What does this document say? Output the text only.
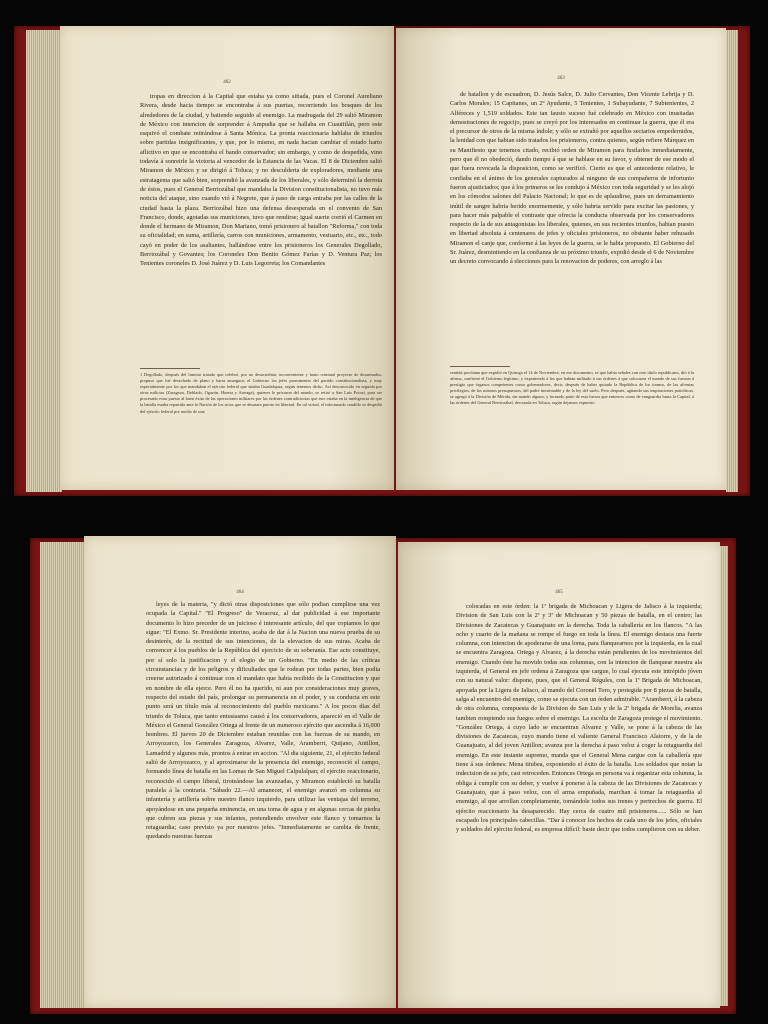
462
tropas en direccion á la Capital que estaba ya como sitiada, pues el Coronel Aureliano Rivera, desde hacia tiempo se encontraba á sus puertas, recorriendo los bosques de los alrededores de la ciudad, y batiendo seguido al enemigo. La madrugada del 29 salió Miramon de México con intencion de sorprender á Ampudia que se hallaba en Cuautitlán, pero este esquivó el combate retirándose á Santa Mónica. La pronta reaccionaria hablaba de triunfos sobre partidas insignificantes, y que, por lo mismo, en nada hacian cambiar el estado harto aflictivo en que se encontraba el bando conservador; sin embargo, y como de despedida, vino todavía á sonreirle la victoria al vencedor de la Estancia de las Vacas. El 8 de Diciembre salió Miramon de México y se dirigió á Toluca; y no desculderta de exploradores, mediante una estratagema que salió bien, sorprendió la avanzada de los liberales, y sólo determinó la derrota de éstos, pues el General Berriozábal que mandaba la Division constitucionalista, no tuvo más noticia del ataque, sino cuando vió á Negrete, que á paso de carga entraba por las calles de la ciudad hasta la plaza. Berriozábal hizo una defensa desesperada en el convento de San Francisco, donde, agotadas sus municiones, tuvo que rendirse; igual suerte corrió el Carmen en donde el hermano de Miramon, Don Mariano, tomó prisionero al batallon "Reforma," con toda su oficialidad; en suma, artillería, carros con municiones, armamento, vestuario, etc., etc., todo cayó en poder de los asaltantes, hallándose entre los prisioneros los Generales Degollado, Berriozábal y Govantes; los Coroneles Don Benito Gómez Farías y D. Ventura Paz; los Tenientes coroneles D. José Juárez y D. Luis Legorreta; los Comandantes
1 Degollado, después del funesto tratado que celebró, por no desacreditar, inconveniente y harto criminal proyecto de desarmados, propuso que fué desechado de plano y harta amargura; el Gobierno los jefes prominentes del partido constitucionalista, y muy especialmente por los que mandaban el ejército federal que sitiaba Guadalajara, según tenemos dicho. Así desconocido en seguida por otras milicias (Zaragoza, Doblado, Ogazón, Huerta y Arteaga), quienes le privaron del mando, se retiró a San Luis Potosí, para ser procesado estar puesto al buen éxito de las operaciones militares por las órdenes contradictorias que este estaba en la inteligencia de que la batalla estaba repartida ante la Nación de los actos que se desatara puesto en libertad. En tal virtud, el infortunado caudillo se despidió del ejército federal por medio de una
463
de batallon y de escuadron, D. Jesús Salce, D. Julio Cervantes, Don Vicente Lebrija y D. Carlos Morales; 15 Capitanes, un 2º Ayudante, 5 Tenientes, 1 Subayudante, 7 Subtenientes, 2 Alféreces y 1,519 soldados. Este tan fausto suceso fué celebrado en México con inusitadas demostraciones de regocijo, pues se creyó por los interesados en continuar la guerra, que él era el precursor de otros de la misma índole; y sólo se extrañó por aquellos sectarios empedernidos, la lenidad con que habian sido tratados los prisioneros, contra quienes, según refiere Márquez en su Manifiesto que tenemos citado, recibió orden de Miramon para fusilarlos inmediatamente, pero que él no obedeció, dando tiempo á que se hablase en su favor, y obtener de ese modo el que fuera revocada la disposicion, como se verificó. Cierto es que el antecedente relativo, le confiaba en el ánimo de los generales capturados al ninguno de sus compañeros de infortunio fueron ajusticiados; que á los primeros se les condujo á México con toda seguridad y se les alojó en los cómodos salones del Palacio Nacional; lo que es de aplaudirse, pues un derramamiento inútil de sangre habria herido enormemente, y sólo habria servido para excitar las pasiones, y para hacer más palpable el contraste que ofrecia la conducta observada por los conservadores respecto de la de sus antagonistas los liberales, quienes, en sus recientes triunfos, habian puesto en libertad absoluta á centenares de jefes y oficiales prisioneros, no obstante haber rehusado Miramon el canje que, conforme á las leyes de la guerra, se le habia propuesto. El Gobierno del Sr. Juárez, desmintiendo en la confianza de su próximo triunfo, expidió desde el 6 de Noviembre un decreto convocando á elecciones para la renovacion de poderes, con arreglo á las
sentida proclama que expidió en Quiroga el 14 de Noviembre, en ese documento, se que había señales con otro título republicano, dió á la afirma, confirmó el Gobierno legítimo, y exponiendo á los que habían militado á sus órdenes á que colocasen el mando de sus fuerzas á prestigio que órganos competentes como gobernadores, decir, después de haber quitado la República de los tiranos, de las afrentas privilegios, de los mismos presupuestos, del padre inestimable y de la ley del suelo. Pero después, agitando sus inspiraciones patrióticas, se agregó á la División de Mérida, sin mando alguno, y formado parte de esta fuerza que entonces como de vanguardia hasta la Capital, á las órdenes del General Berriozábal, derrotada en Toluca, según dejamos expuesto.
464
leyes de la materia, "y dictó otras disposiciones que sólo podian cumplirse una vez ocupada la Capital." "El Progreso" de Veracruz, al dar publicidad á ese importante documento lo hizo preceder de un juicioso é interesante artículo, del que copiamos lo que sigue: "El Exmo. Sr. Presidente interino, acaba de dar á la Nacion una nueva prueba de su desinterés, de la rectitud de sus intenciones, de la elevacion de sus miras. Acaba de convencer á los pueblos de la República del ejercicio de su soberanía. Ese acto constituye, por sí solo la justificacion y el elogio de un Gobierno. "En medio de las críticas circunstancias y de los peligros y dificultades que le rodean por todas partes, bien podia creerse autorizado á continuar con el mandato que habia recibido de la Constitucion y que en nombre de ella ejerce. Pero él no ha querido, ni aun por consideraciones muy graves, respecto del estado del país, prolongar su permanencia en el poder, y su conducta en este punto será un título más al reconocimiento del pueblo mexicano." A los pocos dias del triunfo de Toluca, que tanto entusiasmo causó á los conservadores, apareció en el Valle de México el General González Ortega al frente de un numeroso ejército que ascendia á 16,000 hombres. El jueves 20 de Diciembre estaban reunidas con las fuerzas de su mando, en Arroyozarco, los Generales Zaragoza, Alvarez, Valle, Aramberri, Quijano, Antillon, Lamadrid y algunos más, prontos á entrar en accion. "Al dia siguiente, 21, el ejército federal salió de Arroyozarco, y al aproximarse de la presencia del enemigo, reconoció el campo, formando línea de batalla en las Lomas de San Miguel Calpulalpan; el ejército reaccionario, reconocido el campo liberal, tiroteándose las avanzadas, y Miramon estableció su batalla paralela á la contraria. "Sábado 22.—Al amanecer, el enemigo avanzó en columna su infantería y artillería sobre nuestro flanco izquierdo, para utilizar las ventajas del terreno, apoyándose en una pequeña eminencia, en una toma de agua y en algunas cercas de piedra que cubren sus piezas y sus infantes, pretendiendo envolver este flanco y tomarnos la retaguardia; caso previsto ya por nuestros jefes. "Inmediatamente se cambia de frente, quedando nuestras fuerzas
465
colocadas en este órden: la 1ª brigada de Michoacan y Ligera de Jalisco á la izquierda; Division de San Luis con la 2ª y 3ª de Michoacan y 50 piezas de batalla, en el centro; las Divisiones de Zacatecas y Guanajuato en la derecha. Toda la caballería en los flancos. "A las ocho y cuarto de la mañana se rompe el fuego en toda la línea. El enemigo destaca una fuerte columna, con intencion de apoderarse de una loma, para flanquearnos por la izquierda, en la cual se encuentra Zaragoza. Ortega y Alvarez, á la derecha están pendientes de los movimientos del enemigo. Cuando éste ha movido todas sus columnas, con la intencion de flanquear nuestra ala izquierda, el General en jefe ordena á Zaragoza que cargue, lo cual ejecuta este intrépido jóven con su natural valor: dispone, pues, que el General Régules, con la 1ª Brigada de Michoacan, apoyada por la Ligera de Jalisco, al mando del Coronel Toro, y protegida por 8 piezas de batalla, salga al encuentro del enemigo, como se ejecuta con un órden admirable. "Aramberri, á la cabeza de otra columna, compuesta de la Division de San Luis y de la 2ª brigada de Morelia, avanza tambien rompiendo sus fuegos sobre el enemigo. La escolta de Zaragoza protege el movimiento. "González Ortega, á cuyo lado se encuentran Alvarez y Valle, se pone á la cabeza de las divisiones de Zacatecas, cuyo mando tiene el valiente General Francisco Alatorre, y de la de Guanajuato, al del joven Antillon; avanza por la derecha á paso veloz á coger la retaguardia del enemigo. En este instante supremo, manda que el General Mena cargue con la caballería que tiene á sus órdenes: Mena titubea, exponiendo el éxito de la batalla. Los soldados que notan la indecision de su jefe, casi retroceden. Entonces Ortega en persona va á organizar esta columna, la obliga á cumplir con su deber, y vuelve á ponerse á la cabeza de las Divisiones de Zacatecas y Guanajuato, que á paso veloz, con el arma empuñada, marchan á tomar la retaguardia al enemigo, al que arrollan completamente, tomándole todos sus trenes y pertrechos de guerra. El ejército reaccionario ha desaparecido. Hay cerca de cuatro mil prisioneros...... Sólo se han escapado los principales cabecillas. "Dar á conocer los hechos de cada uno de los jefes, oficiales y soldados del ejército federal, es empresa difícil: baste decir que todos cumplieron con su deber.
